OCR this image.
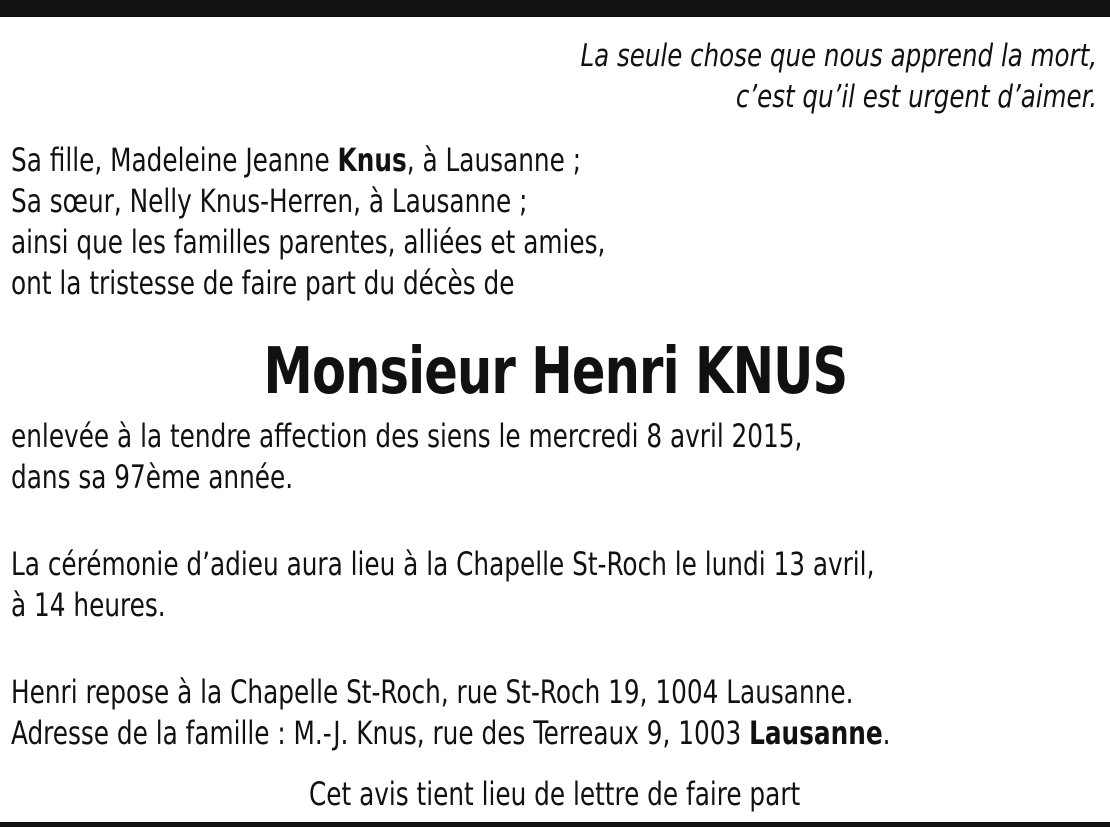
La seule chose que nous apprend la mort,
c’est qu’il est urgent d’aimer.
Sa fille, Madeleine Jeanne Knus, à Lausanne ;
Sa sœur, Nelly Knus-Herren, à Lausanne ;
ainsi que les familles parentes, alliées et amies,
ont la tristesse de faire part du décès de
Monsieur Henri KNUS
enlevée à la tendre affection des siens le mercredi 8 avril 2015,
dans sa 97ème année.
La cérémonie d’adieu aura lieu à la Chapelle St-Roch le lundi 13 avril,
à 14 heures.
Henri repose à la Chapelle St-Roch, rue St-Roch 19, 1004 Lausanne.
Adresse de la famille : M.-J. Knus, rue des Terreaux 9, 1003 Lausanne.
Cet avis tient lieu de lettre de faire part
